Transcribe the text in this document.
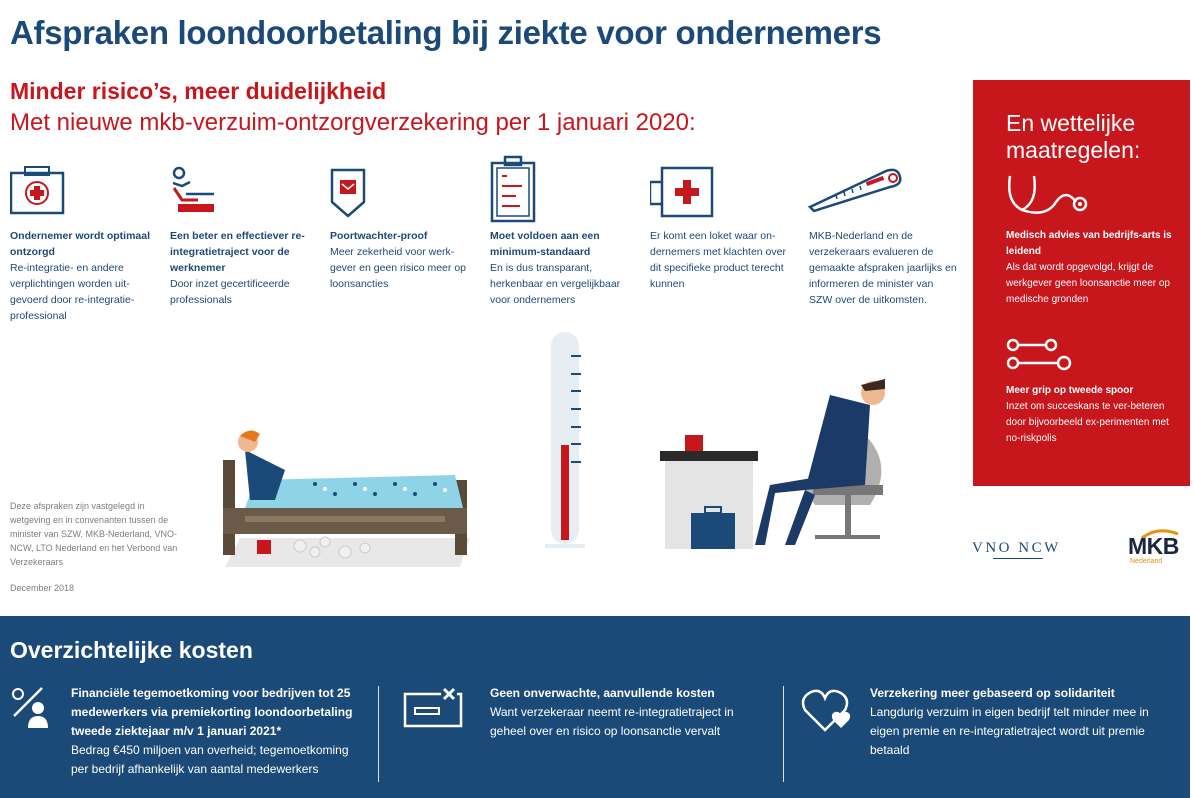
Afspraken loondoorbetaling bij ziekte voor ondernemers
Minder risico’s, meer duidelijkheid
Met nieuwe mkb-verzuim-ontzorgverzekering per 1 januari 2020:
Ondernemer wordt optimaal ontzorgd
Re-integratie- en andere verplichtingen worden uit-gevoerd door re-integratie-professional
Een beter en effectiever re-integratietraject voor de werknemer
Door inzet gecertificeerde professionals
Poortwachter-proof
Meer zekerheid voor werk-gever en geen risico meer op loonsancties
Moet voldoen aan een minimum-standaard
En is dus transparant, herkenbaar en vergelijkbaar voor ondernemers
Er komt een loket waar on-dernemers met klachten over dit specifieke product terecht kunnen
MKB-Nederland en de verzekeraars evalueren de gemaakte afspraken jaarlijks en informeren de minister van SZW over de uitkomsten.
En wettelijke maatregelen:
Medisch advies van bedrijfs-arts is leidend
Als dat wordt opgevolgd, krijgt de werkgever geen loonsanctie meer op medische gronden
Meer grip op tweede spoor
Inzet om succeskans te ver-beteren door bijvoorbeeld ex-perimenten met no-riskpolis
Deze afspraken zijn vastgelegd in wetgeving en in convenanten tussen de minister van SZW, MKB-Nederland, VNO-NCW, LTO Nederland en het Verbond van Verzekeraars
December 2018
VNO NCW	MKB
Nederland
Overzichtelijke kosten
Financiële tegemoetkoming voor bedrijven tot 25 medewerkers via premiekorting loondoorbetaling tweede ziektejaar m/v 1 januari 2021*
Bedrag €450 miljoen van overheid; tegemoetkoming per bedrijf afhankelijk van aantal medewerkers
Geen onverwachte, aanvullende kosten
Want verzekeraar neemt re-integratietraject in geheel over en risico op loonsanctie vervalt
Verzekering meer gebaseerd op solidariteit
Langdurig verzuim in eigen bedrijf telt minder mee in eigen premie en re-integratietraject wordt uit premie betaald
